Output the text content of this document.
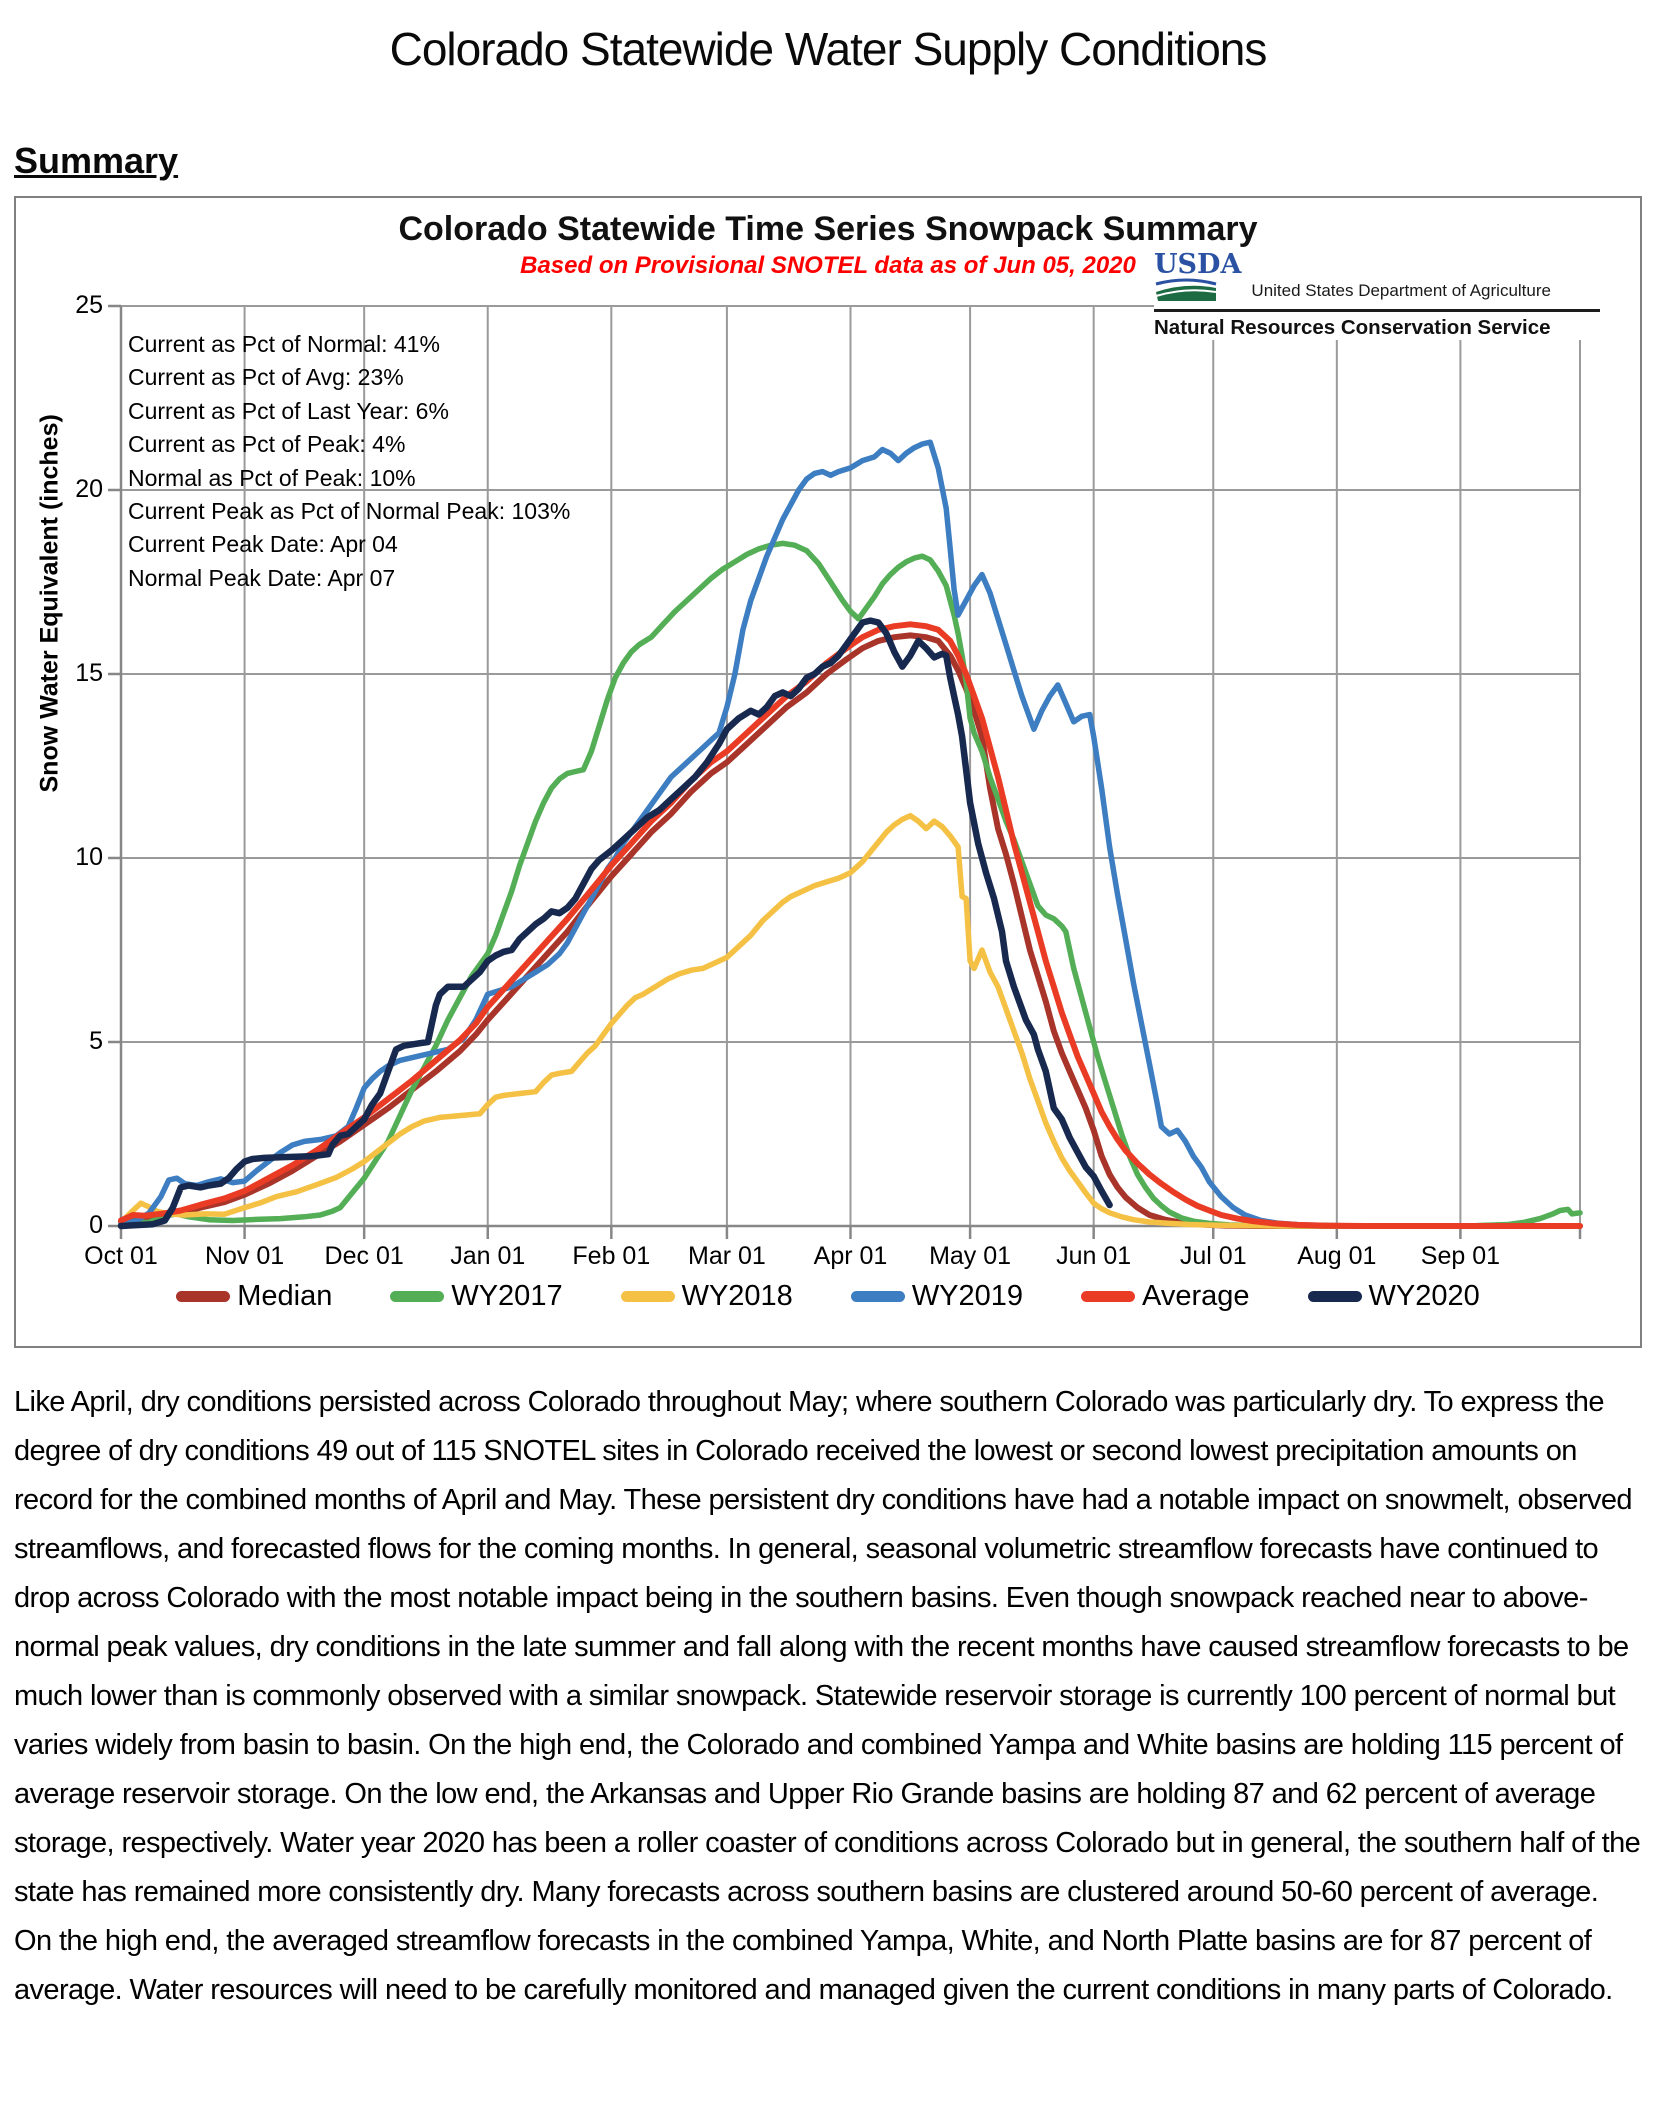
Colorado Statewide Water Supply Conditions
Summary
Colorado Statewide Time Series Snowpack Summary
Based on Provisional SNOTEL data as of Jun 05, 2020 USDA
United States Department of Agriculture
Natural Resources Conservation Service
Current as Pct of Normal: 41%
Current as Pct of Avg: 23%
Current as Pct of Last Year: 6%
Current as Pct of Peak: 4%
Normal as Pct of Peak: 10%
Current Peak as Pct of Normal Peak: 103%
Current Peak Date: Apr 04
Normal Peak Date: Apr 07
Snow Water Equivalent (inches)
0
5
10
15
20
25
Oct 01	Nov 01	Dec 01	Jan 01	Feb 01	Mar 01	Apr 01	May 01	Jun 01	Jul 01	Aug 01	Sep 01
Median	WY2017	WY2018	WY2019	Average	WY2020
Like April, dry conditions persisted across Colorado throughout May; where southern Colorado was particularly dry. To express the degree of dry conditions 49 out of 115 SNOTEL sites in Colorado received the lowest or second lowest precipitation amounts on record for the combined months of April and May. These persistent dry conditions have had a notable impact on snowmelt, observed streamflows, and forecasted flows for the coming months. In general, seasonal volumetric streamflow forecasts have continued to drop across Colorado with the most notable impact being in the southern basins. Even though snowpack reached near to above-normal peak values, dry conditions in the late summer and fall along with the recent months have caused streamflow forecasts to be much lower than is commonly observed with a similar snowpack. Statewide reservoir storage is currently 100 percent of normal but varies widely from basin to basin. On the high end, the Colorado and combined Yampa and White basins are holding 115 percent of average reservoir storage. On the low end, the Arkansas and Upper Rio Grande basins are holding 87 and 62 percent of average storage, respectively. Water year 2020 has been a roller coaster of conditions across Colorado but in general, the southern half of the state has remained more consistently dry. Many forecasts across southern basins are clustered around 50-60 percent of average. On the high end, the averaged streamflow forecasts in the combined Yampa, White, and North Platte basins are for 87 percent of average. Water resources will need to be carefully monitored and managed given the current conditions in many parts of Colorado.
